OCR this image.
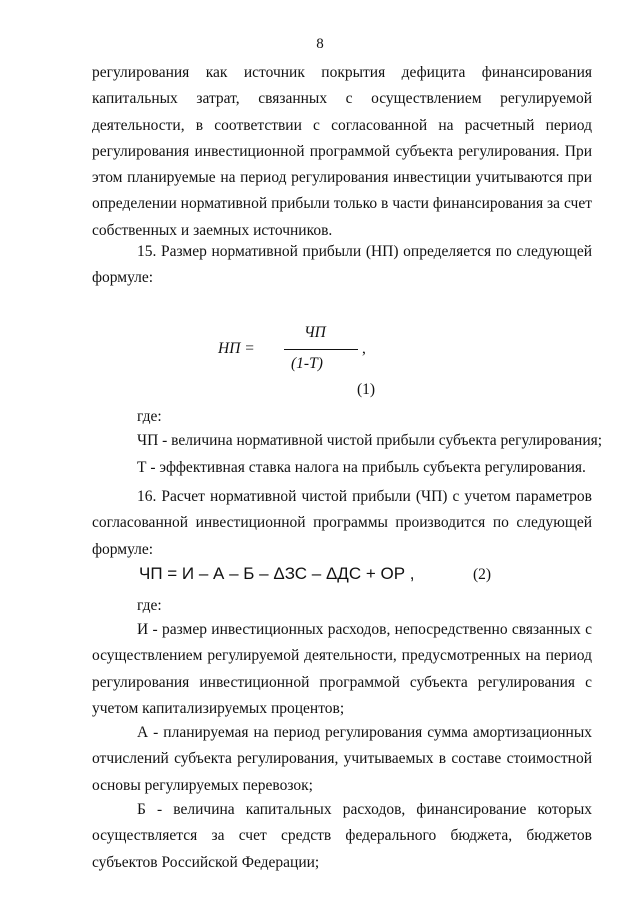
8

регулирования как источник покрытия дефицита финансирования капитальных затрат, связанных с осуществлением регулируемой деятельности, в соответствии с согласованной на расчетный период регулирования инвестиционной программой субъекта регулирования. При этом планируемые на период регулирования инвестиции учитываются при определении нормативной прибыли только в части финансирования за счет собственных и заемных источников.

15. Размер нормативной прибыли (НП) определяется по следующей формуле:

НП =
ЧП
,
(1-Т)
(1)
где:
ЧП - величина нормативной чистой прибыли субъекта регулирования;
Т - эффективная ставка налога на прибыль субъекта регулирования.

16. Расчет нормативной чистой прибыли (ЧП) с учетом параметров согласованной инвестиционной программы производится по следующей формуле:

ЧП = И – А – Б – ΔЗС – ΔДС + ОР ,	(2)
где:

И - размер инвестиционных расходов, непосредственно связанных с осуществлением регулируемой деятельности, предусмотренных на период регулирования инвестиционной программой субъекта регулирования с учетом капитализируемых процентов;

А - планируемая на период регулирования сумма амортизационных отчислений субъекта регулирования, учитываемых в составе стоимостной основы регулируемых перевозок;

Б - величина капитальных расходов, финансирование которых осуществляется за счет средств федерального бюджета, бюджетов субъектов Российской Федерации;
